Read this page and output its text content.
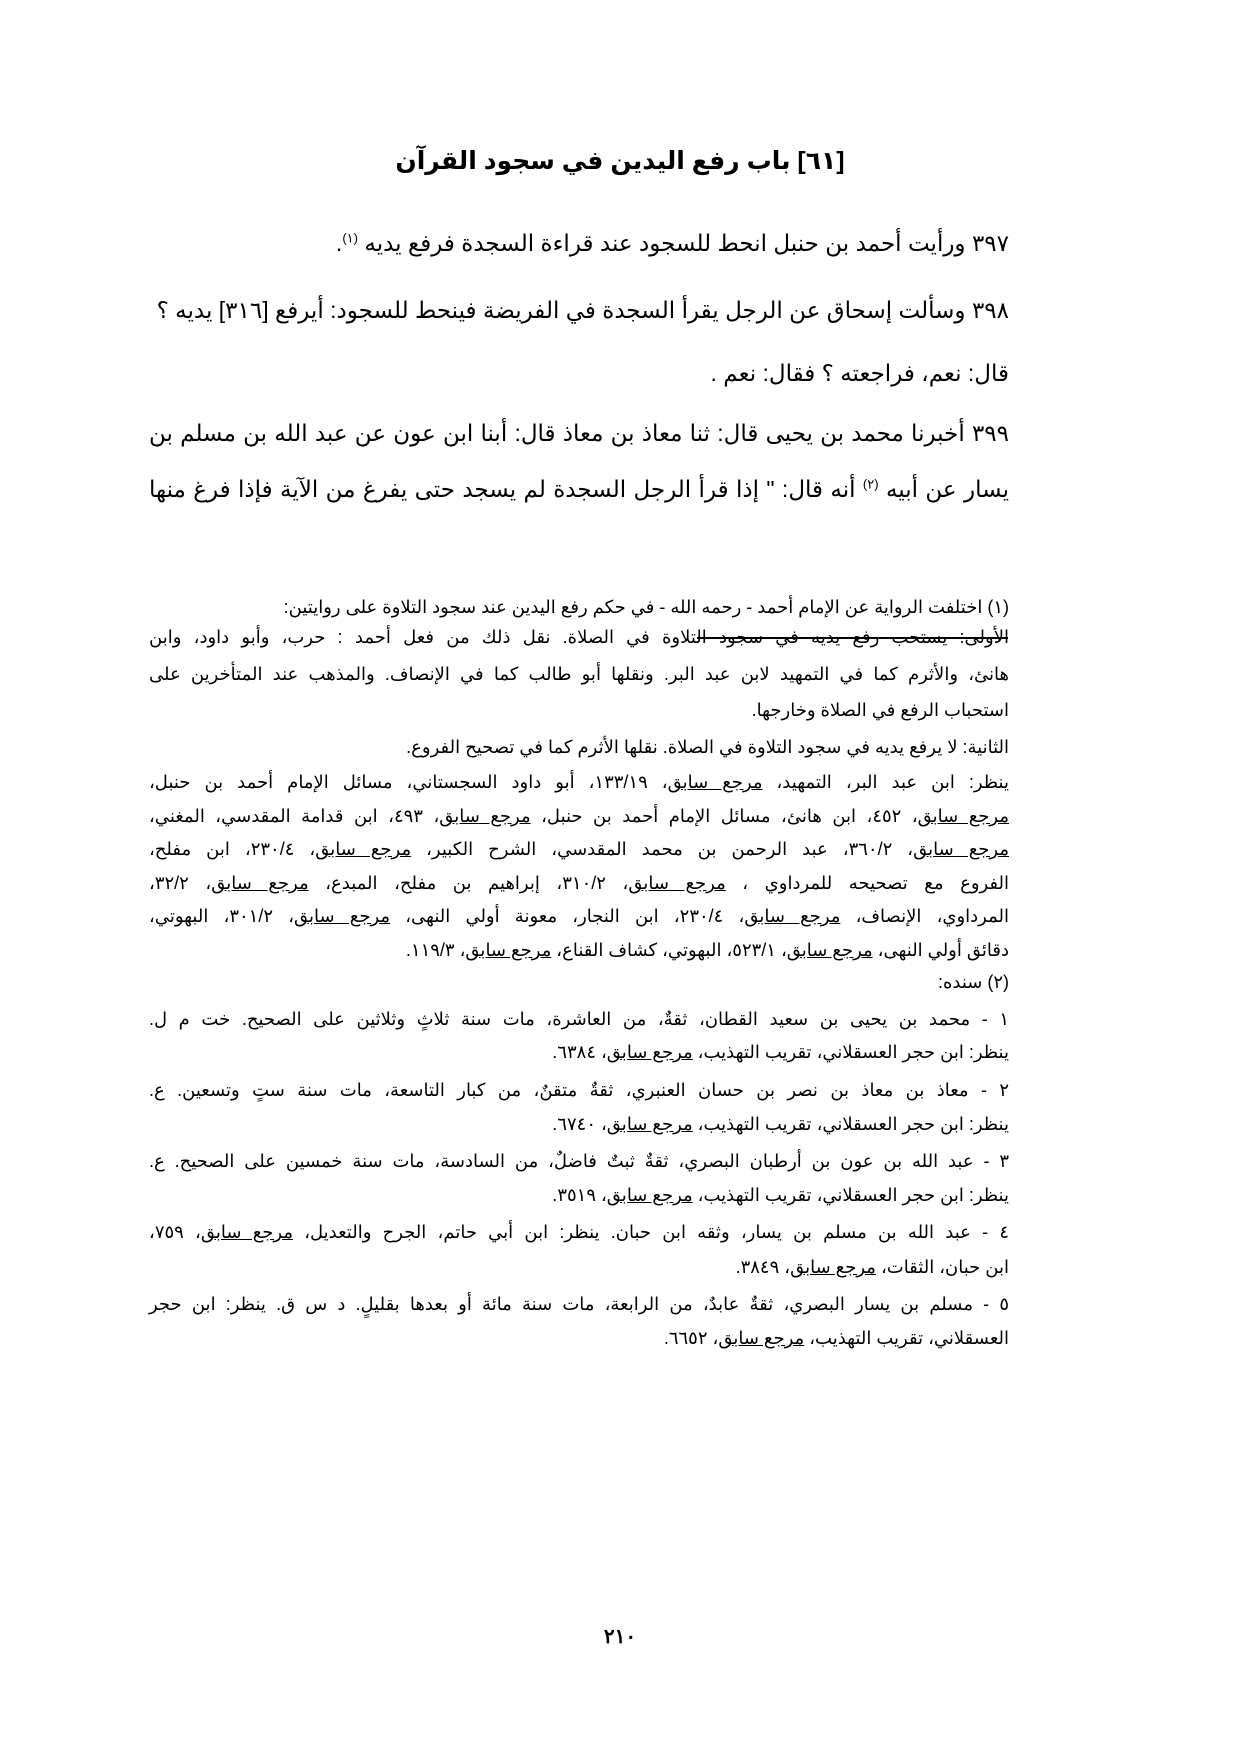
[٦١] باب رفع اليدين في سجود القرآن
٣٩٧ ورأيت أحمد بن حنبل انحط للسجود عند قراءة السجدة فرفع يديه $^{(١)}$.
٣٩٨ وسألت إسحاق عن الرجل يقرأ السجدة في الفريضة فينحط للسجود: أيرفع [٣١٦] يديه ؟
قال: نعم، فراجعته ؟ فقال: نعم .
٣٩٩ أخبرنا محمد بن يحيى قال: ثنا معاذ بن معاذ قال: أبنا ابن عون عن عبد الله بن مسلم بن
يسار عن أبيه $^{(٢)}$ أنه قال: " إذا قرأ الرجل السجدة لم يسجد حتى يفرغ من الآية فإذا فرغ منها
(١) اختلفت الرواية عن الإمام أحمد - رحمه الله - في حكم رفع اليدين عند سجود التلاوة على روايتين:
الأولى: يستحب رفع يديه في سجود التلاوة في الصلاة. نقل ذلك من فعل أحمد : حرب، وأبو داود، وابن
هانئ، والأثرم كما في التمهيد لابن عبد البر. ونقلها أبو طالب كما في الإنصاف. والمذهب عند المتأخرين على
استحباب الرفع في الصلاة وخارجها.
الثانية: لا يرفع يديه في سجود التلاوة في الصلاة. نقلها الأثرم كما في تصحيح الفروع.
ينظر: ابن عبد البر، التمهيد، مرجع سابق، ١٣٣/١٩، أبو داود السجستاني، مسائل الإمام أحمد بن حنبل،
مرجع سابق، ٤٥٢، ابن هانئ، مسائل الإمام أحمد بن حنبل، مرجع سابق، ٤٩٣، ابن قدامة المقدسي، المغني،
مرجع سابق، ٣٦٠/٢، عبد الرحمن بن محمد المقدسي، الشرح الكبير، مرجع سابق، ٢٣٠/٤، ابن مفلح،
الفروع مع تصحيحه للمرداوي ، مرجع سابق، ٣١٠/٢، إبراهيم بن مفلح، المبدع، مرجع سابق، ٣٢/٢،
المرداوي، الإنصاف، مرجع سابق، ٢٣٠/٤، ابن النجار، معونة أولي النهى، مرجع سابق، ٣٠١/٢، البهوتي،
دقائق أولي النهى، مرجع سابق، ٥٢٣/١، البهوتي، كشاف القناع، مرجع سابق، ١١٩/٣.
(٢) سنده:
١ - محمد بن يحيى بن سعيد القطان، ثقةٌ، من العاشرة، مات سنة ثلاثٍ وثلاثين على الصحيح. خت م ل.
ينظر: ابن حجر العسقلاني، تقريب التهذيب، مرجع سابق، ٦٣٨٤.
٢ - معاذ بن معاذ بن نصر بن حسان العنبري، ثقةٌ متقنٌ، من كبار التاسعة، مات سنة ستٍ وتسعين. ع.
ينظر: ابن حجر العسقلاني، تقريب التهذيب، مرجع سابق، ٦٧٤٠.
٣ - عبد الله بن عون بن أرطبان البصري، ثقةٌ ثبتٌ فاضلٌ، من السادسة، مات سنة خمسين على الصحيح. ع.
ينظر: ابن حجر العسقلاني، تقريب التهذيب، مرجع سابق، ٣٥١٩.
٤ - عبد الله بن مسلم بن يسار، وثقه ابن حبان. ينظر: ابن أبي حاتم، الجرح والتعديل، مرجع سابق، ٧٥٩،
ابن حبان، الثقات، مرجع سابق، ٣٨٤٩.
٥ - مسلم بن يسار البصري، ثقةٌ عابدٌ، من الرابعة، مات سنة مائة أو بعدها بقليلٍ. د س ق. ينظر: ابن حجر
العسقلاني، تقريب التهذيب، مرجع سابق، ٦٦٥٢.
٢١٠
